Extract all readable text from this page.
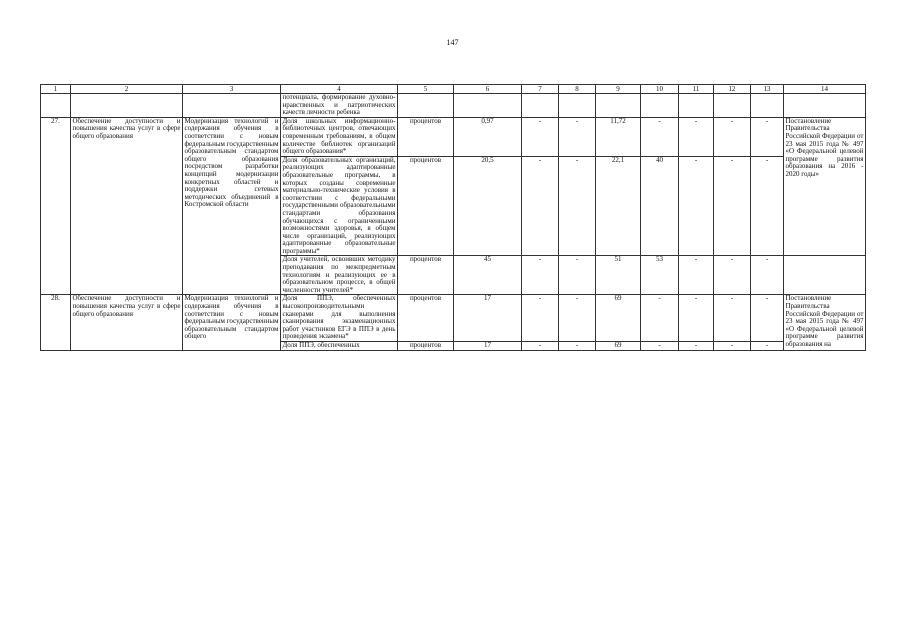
147
1	2	3	4	5	6	7	8	9	10	11	12	13	14
			потенциала, формирование духовно-нравственных и патриотических качеств личности ребенка										
27.	Обеспечение доступности и повышения качества услуг в сфере общего образования	Модернизация технологий и содержания обучения в соответствии с новым федеральным государственным образовательным стандартом общего образования посредством разработки концепций модернизации конкретных областей и поддержки сетевых методических объединений в Костромской области	Доля школьных информационно-библиотечных центров, отвечающих современным требованиям, в общем количестве библиотек организаций общего образования*	процентов	0,97	-	-	11,72	-	-	-	-	Постановление Правительства Российской Федерации от 23 мая 2015 года № 497 «О Федеральной целевой программе развития образования на 2016 - 2020 годы»
			Доля образовательных организаций, реализующих адаптированные образовательные программы, в которых созданы современные материально-технические условия в соответствии с федеральными государственными образовательными стандартами образования обучающихся с ограниченными возможностями здоровья, в общем числе организаций, реализующих адаптированные образовательные программы*	процентов	20,5	-	-	22,1	40	-	-	-	
			Доля учителей, освоивших методику преподавания по межпредметным технологиям и реализующих ее в образовательном процессе, в общей численности учителей*	процентов	45	-	-	51	53	-	-	-	
28.	Обеспечение доступности и повышения качества услуг в сфере общего образования	Модернизация технологий и содержания обучения в соответствии с новым федеральным государственным образовательным стандартом общего	Доля ППЭ, обеспеченных высокопроизводительными сканерами для выполнения сканирования экзаменационных работ участников ЕГЭ в ППЭ в день проведения экзамена*	процентов	17	-	-	69	-	-	-	-	Постановление Правительства Российской Федерации от 23 мая 2015 года № 497 «О Федеральной целевой программе развития образования на
			Доля ППЭ, обеспеченных	процентов	17	-	-	69	-	-	-	-	
